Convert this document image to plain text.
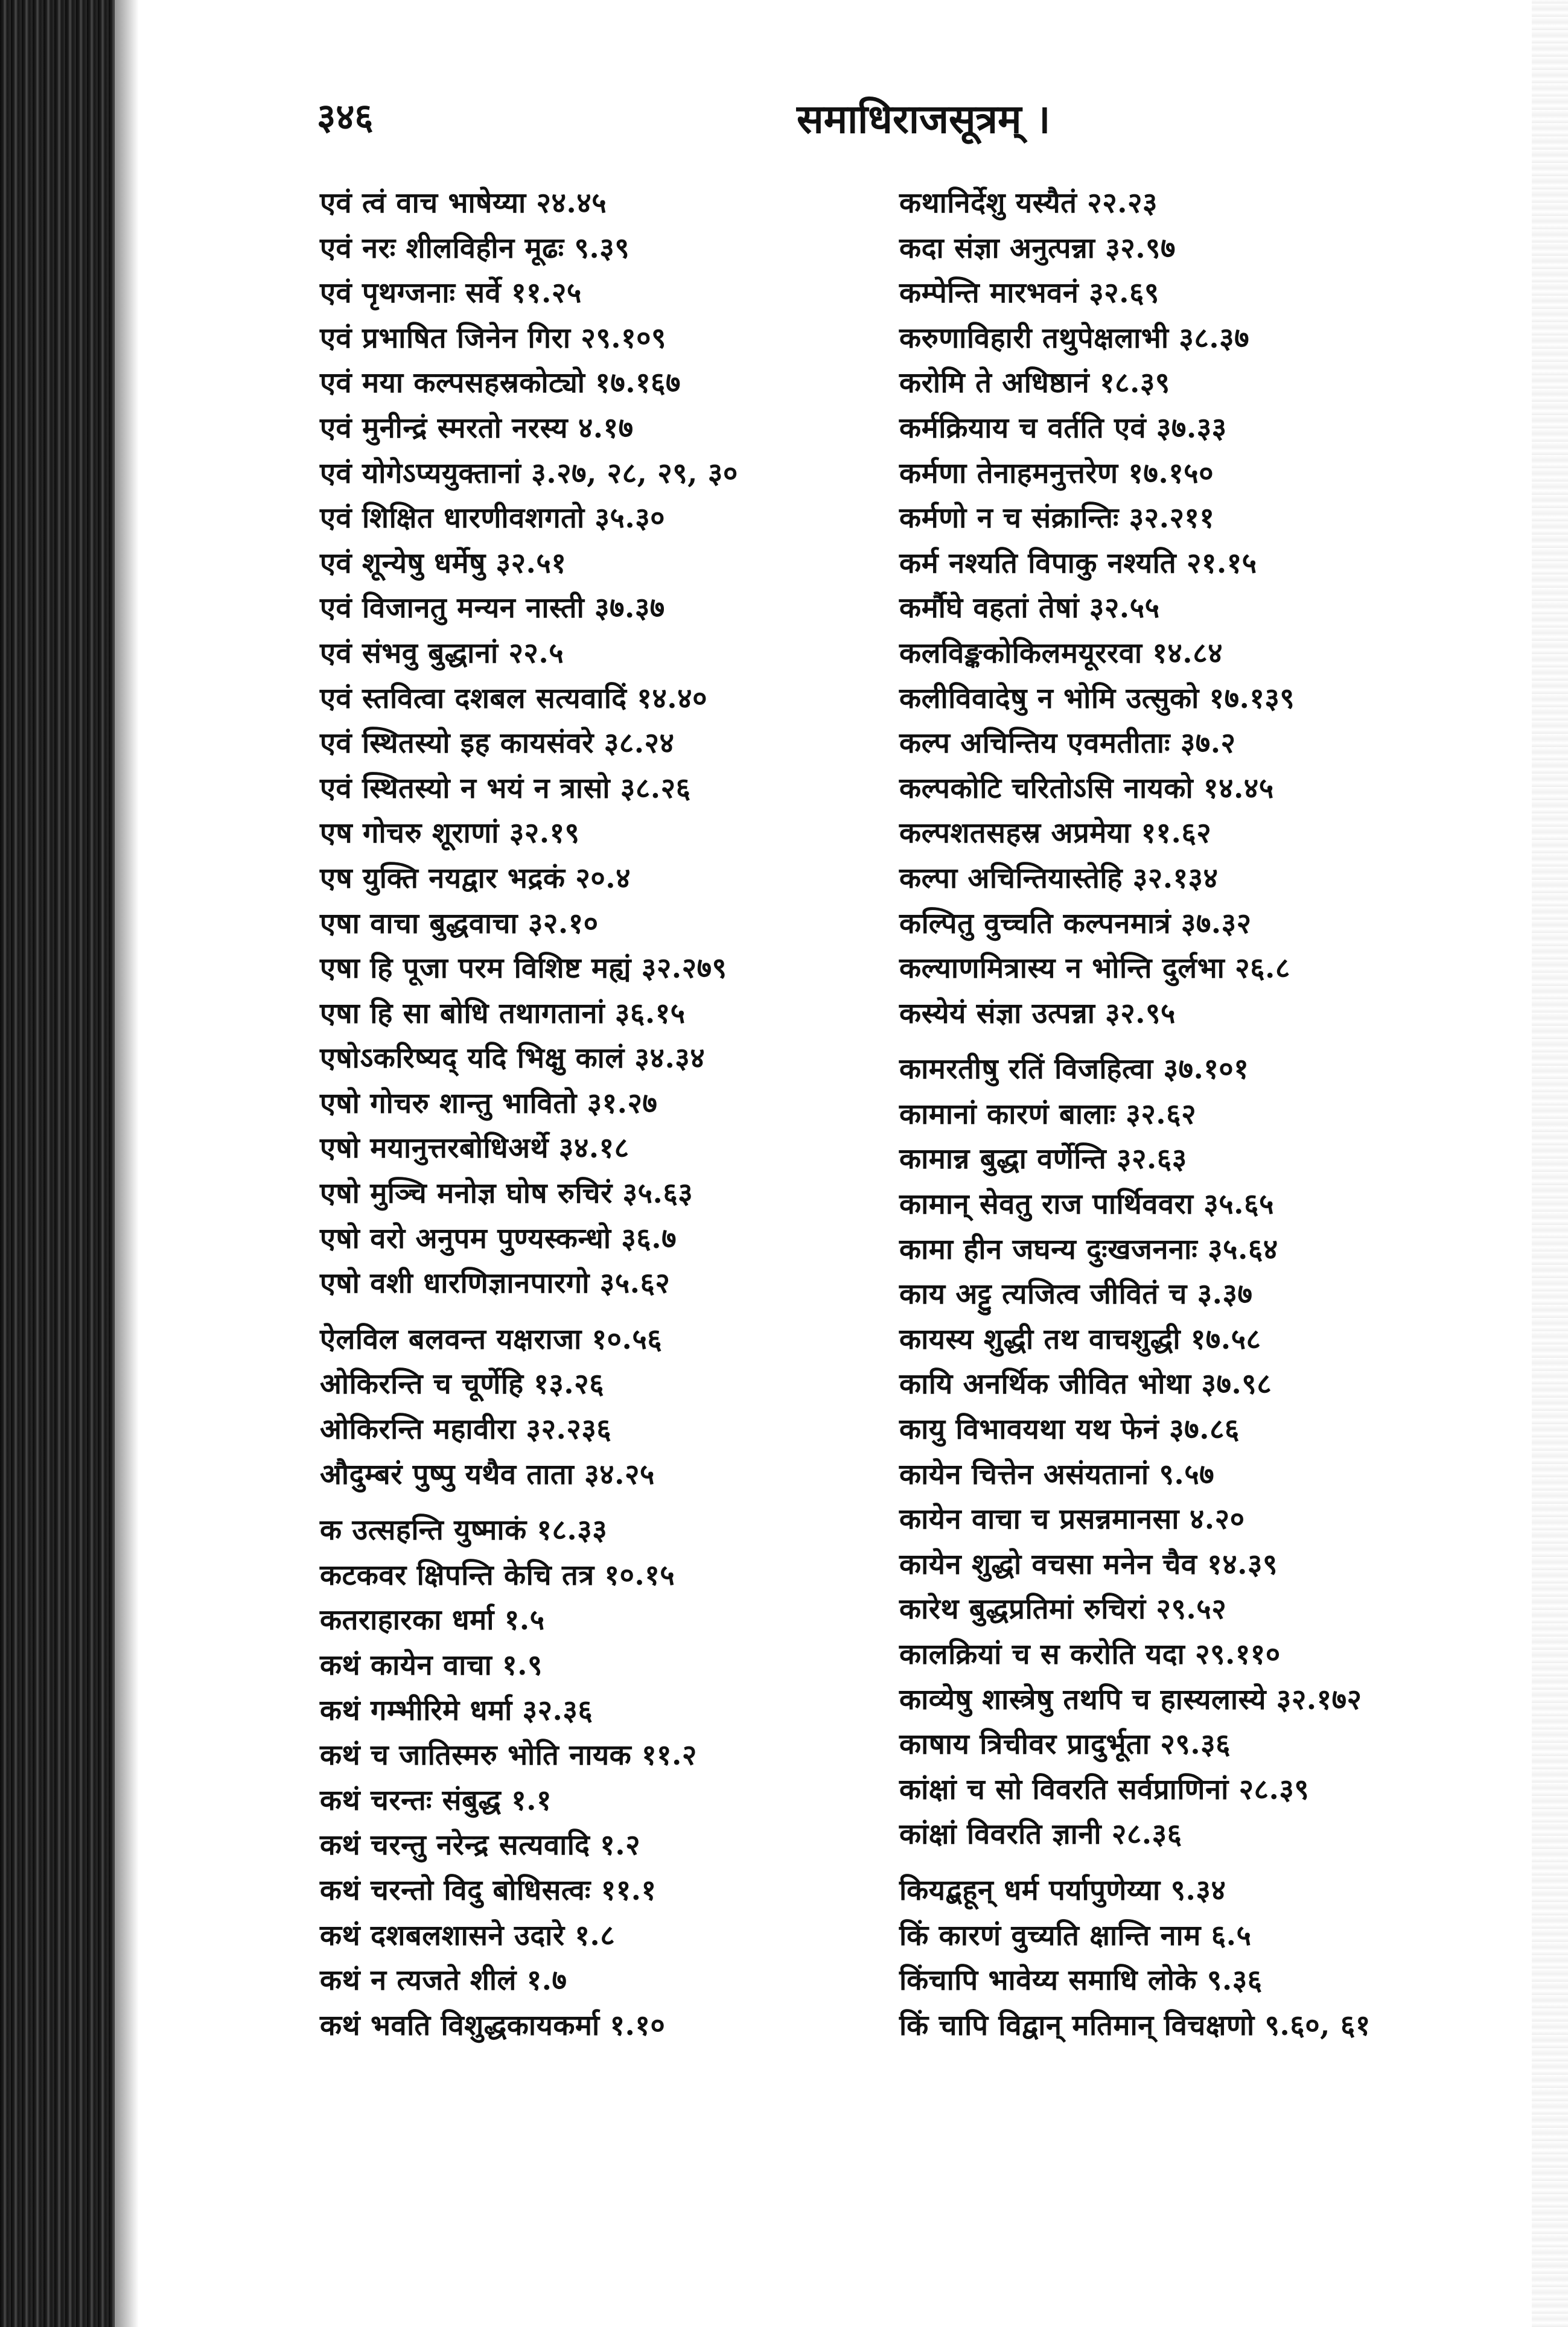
३४६	समाधिराजसूत्रम् ।
एवं त्वं वाच भाषेय्या २४.४५
एवं नरः शीलविहीन मूढः ९.३९
एवं पृथग्जनाः सर्वे ११.२५
एवं प्रभाषित जिनेन गिरा २९.१०९
एवं मया कल्पसहस्रकोट्यो १७.१६७
एवं मुनीन्द्रं स्मरतो नरस्य ४.१७
एवं योगेऽप्ययुक्तानां ३.२७, २८, २९, ३०
एवं शिक्षित धारणीवशगतो ३५.३०
एवं शून्येषु धर्मेषु ३२.५१
एवं विजानतु मन्यन नास्ती ३७.३७
एवं संभवु बुद्धानां २२.५
एवं स्तवित्वा दशबल सत्यवादिं १४.४०
एवं स्थितस्यो इह कायसंवरे ३८.२४
एवं स्थितस्यो न भयं न त्रासो ३८.२६
एष गोचरु शूराणां ३२.१९
एष युक्ति नयद्वार भद्रकं २०.४
एषा वाचा बुद्धवाचा ३२.१०
एषा हि पूजा परम विशिष्ट मह्यं ३२.२७९
एषा हि सा बोधि तथागतानां ३६.१५
एषोऽकरिष्यद् यदि भिक्षु कालं ३४.३४
एषो गोचरु शान्तु भावितो ३१.२७
एषो मयानुत्तरबोधिअर्थे ३४.१८
एषो मुञ्चि मनोज्ञ घोष रुचिरं ३५.६३
एषो वरो अनुपम पुण्यस्कन्धो ३६.७
एषो वशी धारणिज्ञानपारगो ३५.६२
ऐलविल बलवन्त यक्षराजा १०.५६
ओकिरन्ति च चूर्णेहि १३.२६
ओकिरन्ति महावीरा ३२.२३६
औदुम्बरं पुष्पु यथैव ताता ३४.२५
क उत्सहन्ति युष्माकं १८.३३
कटकवर क्षिपन्ति केचि तत्र १०.१५
कतराहारका धर्मा १.५
कथं कायेन वाचा १.९
कथं गम्भीरिमे धर्मा ३२.३६
कथं च जातिस्मरु भोति नायक ११.२
कथं चरन्तः संबुद्ध १.१
कथं चरन्तु नरेन्द्र सत्यवादि १.२
कथं चरन्तो विदु बोधिसत्वः ११.१
कथं दशबलशासने उदारे १.८
कथं न त्यजते शीलं १.७
कथं भवति विशुद्धकायकर्मा १.१०
कथानिर्देशु यस्यैतं २२.२३
कदा संज्ञा अनुत्पन्ना ३२.९७
कम्पेन्ति मारभवनं ३२.६९
करुणाविहारी तथुपेक्षलाभी ३८.३७
करोमि ते अधिष्ठानं १८.३९
कर्मक्रियाय च वर्तति एवं ३७.३३
कर्मणा तेनाहमनुत्तरेण १७.१५०
कर्मणो न च संक्रान्तिः ३२.२११
कर्म नश्यति विपाकु नश्यति २१.१५
कर्मौघे वहतां तेषां ३२.५५
कलविङ्ककोकिलमयूररवा १४.८४
कलीविवादेषु न भोमि उत्सुको १७.१३९
कल्प अचिन्तिय एवमतीताः ३७.२
कल्पकोटि चरितोऽसि नायको १४.४५
कल्पशतसहस्र अप्रमेया ११.६२
कल्पा अचिन्तियास्तेहि ३२.१३४
कल्पितु वुच्चति कल्पनमात्रं ३७.३२
कल्याणमित्रास्य न भोन्ति दुर्लभा २६.८
कस्येयं संज्ञा उत्पन्ना ३२.९५
कामरतीषु रतिं विजहित्वा ३७.१०१
कामानां कारणं बालाः ३२.६२
कामान्न बुद्धा वर्णेन्ति ३२.६३
कामान् सेवतु राज पार्थिववरा ३५.६५
कामा हीन जघन्य दुःखजननाः ३५.६४
काय अट्टु त्यजित्व जीवितं च ३.३७
कायस्य शुद्धी तथ वाचशुद्धी १७.५८
कायि अनर्थिक जीवित भोथा ३७.९८
कायु विभावयथा यथ फेनं ३७.८६
कायेन चित्तेन असंयतानां ९.५७
कायेन वाचा च प्रसन्नमानसा ४.२०
कायेन शुद्धो वचसा मनेन चैव १४.३९
कारेथ बुद्धप्रतिमां रुचिरां २९.५२
कालक्रियां च स करोति यदा २९.११०
काव्येषु शास्त्रेषु तथपि च हास्यलास्ये ३२.१७२
काषाय त्रिचीवर प्रादुर्भूता २९.३६
कांक्षां च सो विवरति सर्वप्राणिनां २८.३९
कांक्षां विवरति ज्ञानी २८.३६
कियद्बहून् धर्म पर्यापुणेय्या ९.३४
किं कारणं वुच्यति क्षान्ति नाम ६.५
किंचापि भावेय्य समाधि लोके ९.३६
किं चापि विद्वान् मतिमान् विचक्षणो ९.६०, ६१
